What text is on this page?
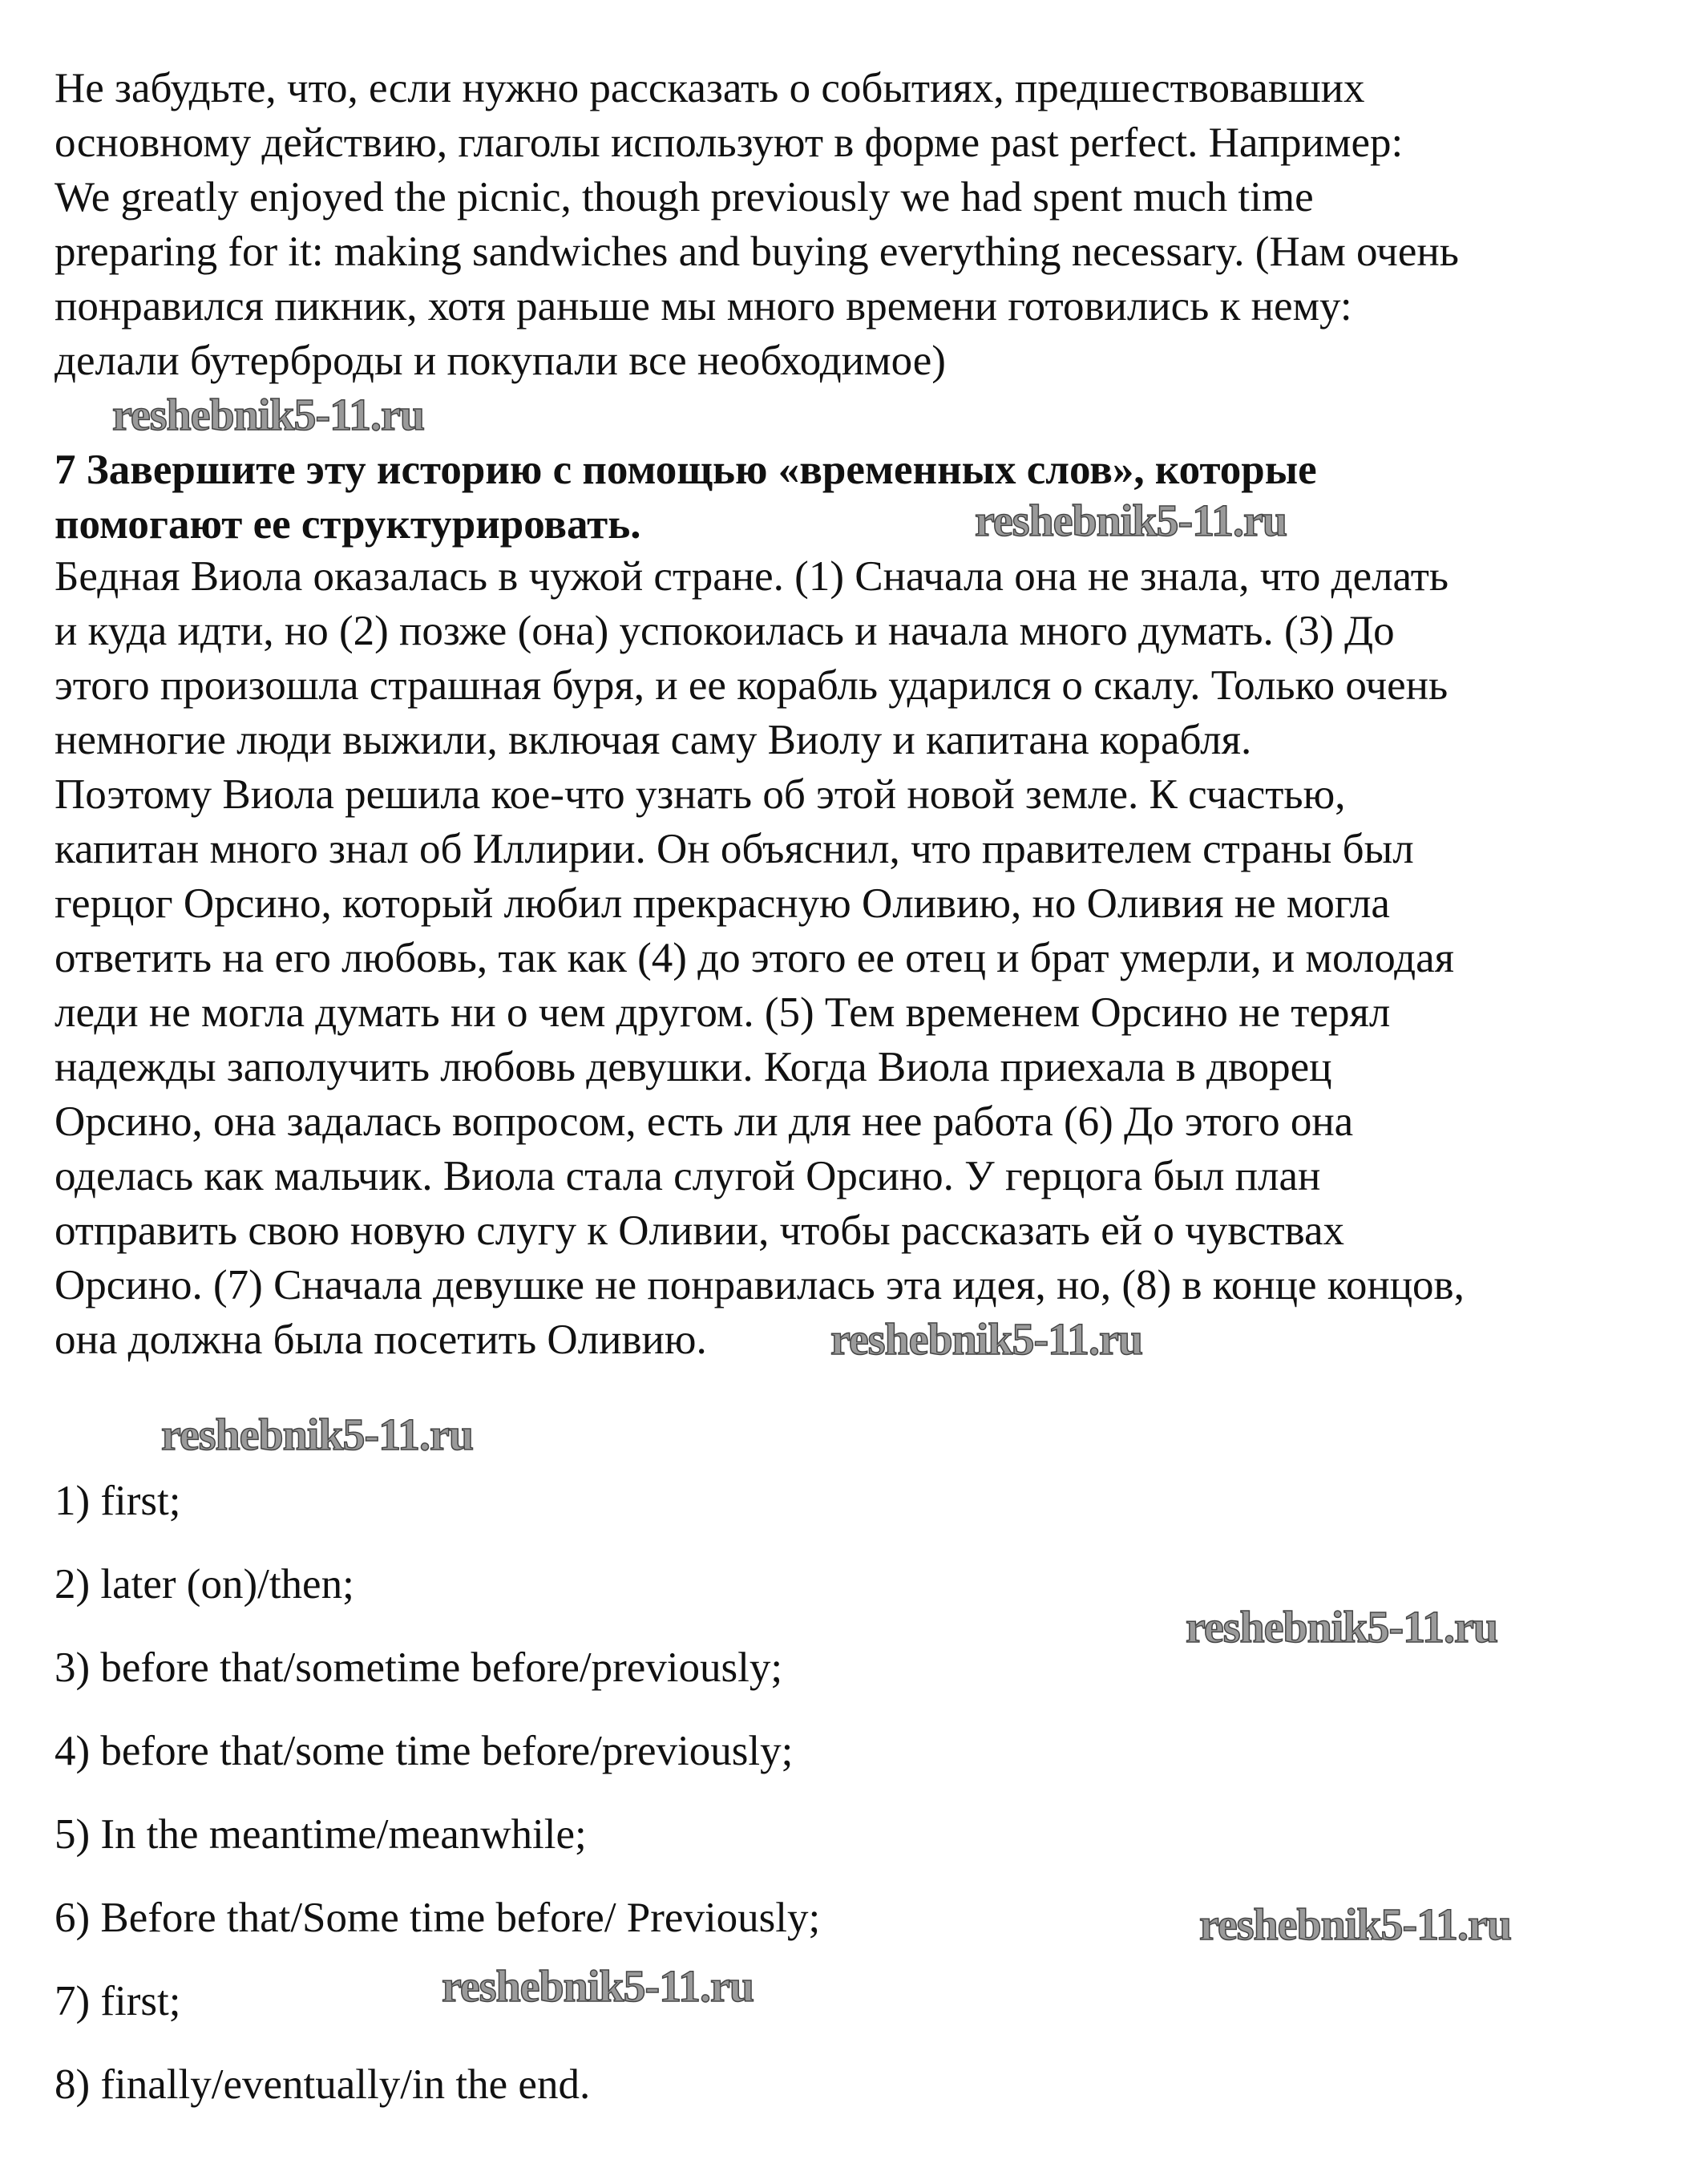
Не забудьте, что, если нужно рассказать о событиях, предшествовавших
основному действию, глаголы используют в форме past perfect. Например:
We greatly enjoyed the picnic, though previously we had spent much time
preparing for it: making sandwiches and buying everything necessary. (Нам очень
понравился пикник, хотя раньше мы много времени готовились к нему:
делали бутерброды и покупали все необходимое)
7 Завершите эту историю с помощью «временных слов», которые
помогают ее структурировать.
Бедная Виола оказалась в чужой стране. (1) Сначала она не знала, что делать
и куда идти, но (2) позже (она) успокоилась и начала много думать. (3) До
этого произошла страшная буря, и ее корабль ударился о скалу. Только очень
немногие люди выжили, включая саму Виолу и капитана корабля.
Поэтому Виола решила кое-что узнать об этой новой земле. К счастью,
капитан много знал об Иллирии. Он объяснил, что правителем страны был
герцог Орсино, который любил прекрасную Оливию, но Оливия не могла
ответить на его любовь, так как (4) до этого ее отец и брат умерли, и молодая
леди не могла думать ни о чем другом. (5) Тем временем Орсино не терял
надежды заполучить любовь девушки. Когда Виола приехала в дворец
Орсино, она задалась вопросом, есть ли для нее работа (6) До этого она
оделась как мальчик. Виола стала слугой Орсино. У герцога был план
отправить свою новую слугу к Оливии, чтобы рассказать ей о чувствах
Орсино. (7) Сначала девушке не понравилась эта идея, но, (8) в конце концов,
она должна была посетить Оливию.
1) first;
2) later (on)/then;
3) before that/sometime before/previously;
4) before that/some time before/previously;
5) In the meantime/meanwhile;
6) Before that/Some time before/ Previously;
7) first;
8) finally/eventually/in the end.
reshebnik5-11.ru
reshebnik5-11.ru
reshebnik5-11.ru
reshebnik5-11.ru
reshebnik5-11.ru
reshebnik5-11.ru
reshebnik5-11.ru
